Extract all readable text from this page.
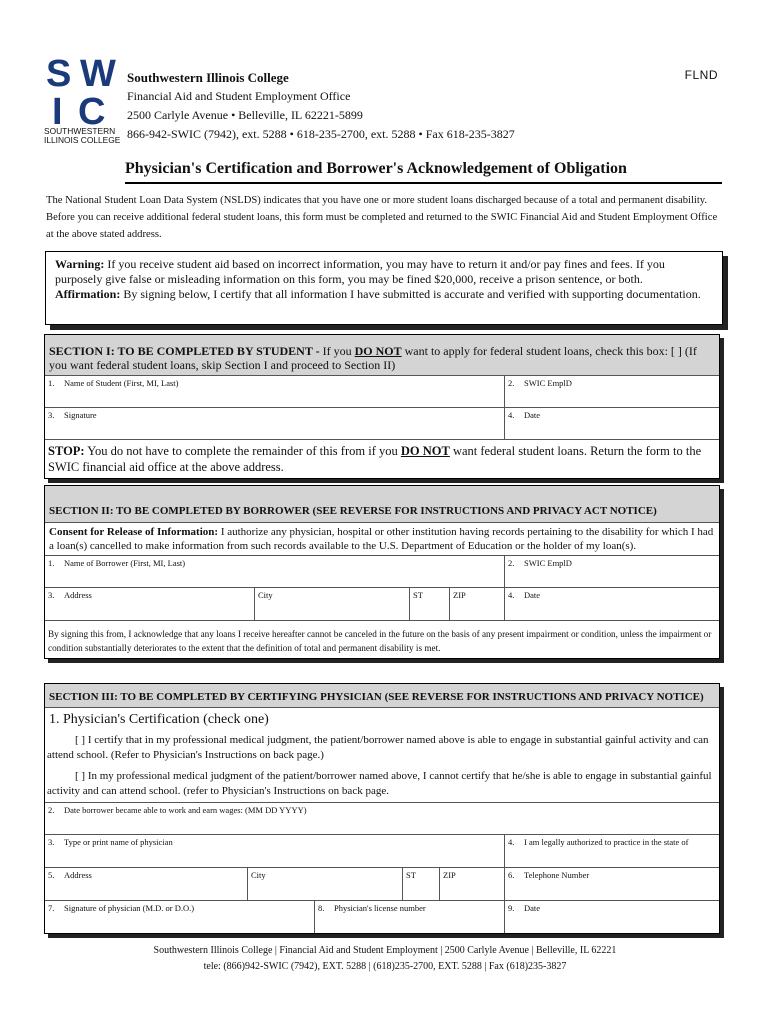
S W
I C
SOUTHWESTERN
ILLINOIS COLLEGE
Southwestern Illinois College
Financial Aid and Student Employment Office
2500 Carlyle Avenue • Belleville, IL 62221-5899
866-942-SWIC (7942), ext. 5288 • 618-235-2700, ext. 5288 • Fax 618-235-3827
FLND
Physician's Certification and Borrower's Acknowledgement of Obligation
The National Student Loan Data System (NSLDS) indicates that you have one or more student loans discharged because of a total and permanent disability. Before you can receive additional federal student loans, this form must be completed and returned to the SWIC Financial Aid and Student Employment Office at the above stated address.
Warning: If you receive student aid based on incorrect information, you may have to return it and/or pay fines and fees. If you purposely give false or misleading information on this form, you may be fined $20,000, receive a prison sentence, or both.
Affirmation: By signing below, I certify that all information I have submitted is accurate and verified with supporting documentation.
SECTION I: TO BE COMPLETED BY STUDENT - If you DO NOT want to apply for federal student loans, check this box: [ ] (If you want federal student loans, skip Section I and proceed to Section II)
1. Name of Student (First, MI, Last)	2. SWIC EmplD
3. Signature	4. Date
STOP: You do not have to complete the remainder of this from if you DO NOT want federal student loans. Return the form to the SWIC financial aid office at the above address.
SECTION II: TO BE COMPLETED BY BORROWER (SEE REVERSE FOR INSTRUCTIONS AND PRIVACY ACT NOTICE)
Consent for Release of Information: I authorize any physician, hospital or other institution having records pertaining to the disability for which I had a loan(s) cancelled to make information from such records available to the U.S. Department of Education or the holder of my loan(s).
1. Name of Borrower (First, MI, Last)	2. SWIC EmplD
3. Address	City	ST	ZIP	4. Date
By signing this from, I acknowledge that any loans I receive hereafter cannot be canceled in the future on the basis of any present impairment or condition, unless the impairment or condition substantially deteriorates to the extent that the definition of total and permanent disability is met.
SECTION III: TO BE COMPLETED BY CERTIFYING PHYSICIAN (SEE REVERSE FOR INSTRUCTIONS AND PRIVACY NOTICE)
1. Physician's Certification (check one)
[ ] I certify that in my professional medical judgment, the patient/borrower named above is able to engage in substantial gainful activity and can attend school. (Refer to Physician's Instructions on back page.)
[ ] In my professional medical judgment of the patient/borrower named above, I cannot certify that he/she is able to engage in substantial gainful activity and can attend school. (refer to Physician's Instructions on back page.
2. Date borrower became able to work and earn wages: (MM DD YYYY)
3. Type or print name of physician	4. I am legally authorized to practice in the state of
5. Address	City	ST	ZIP	6. Telephone Number
7. Signature of physician (M.D. or D.O.)	8. Physician's license number	9. Date
Southwestern Illinois College | Financial Aid and Student Employment | 2500 Carlyle Avenue | Belleville, IL 62221
tele: (866)942-SWIC (7942), EXT. 5288 | (618)235-2700, EXT. 5288 | Fax (618)235-3827
